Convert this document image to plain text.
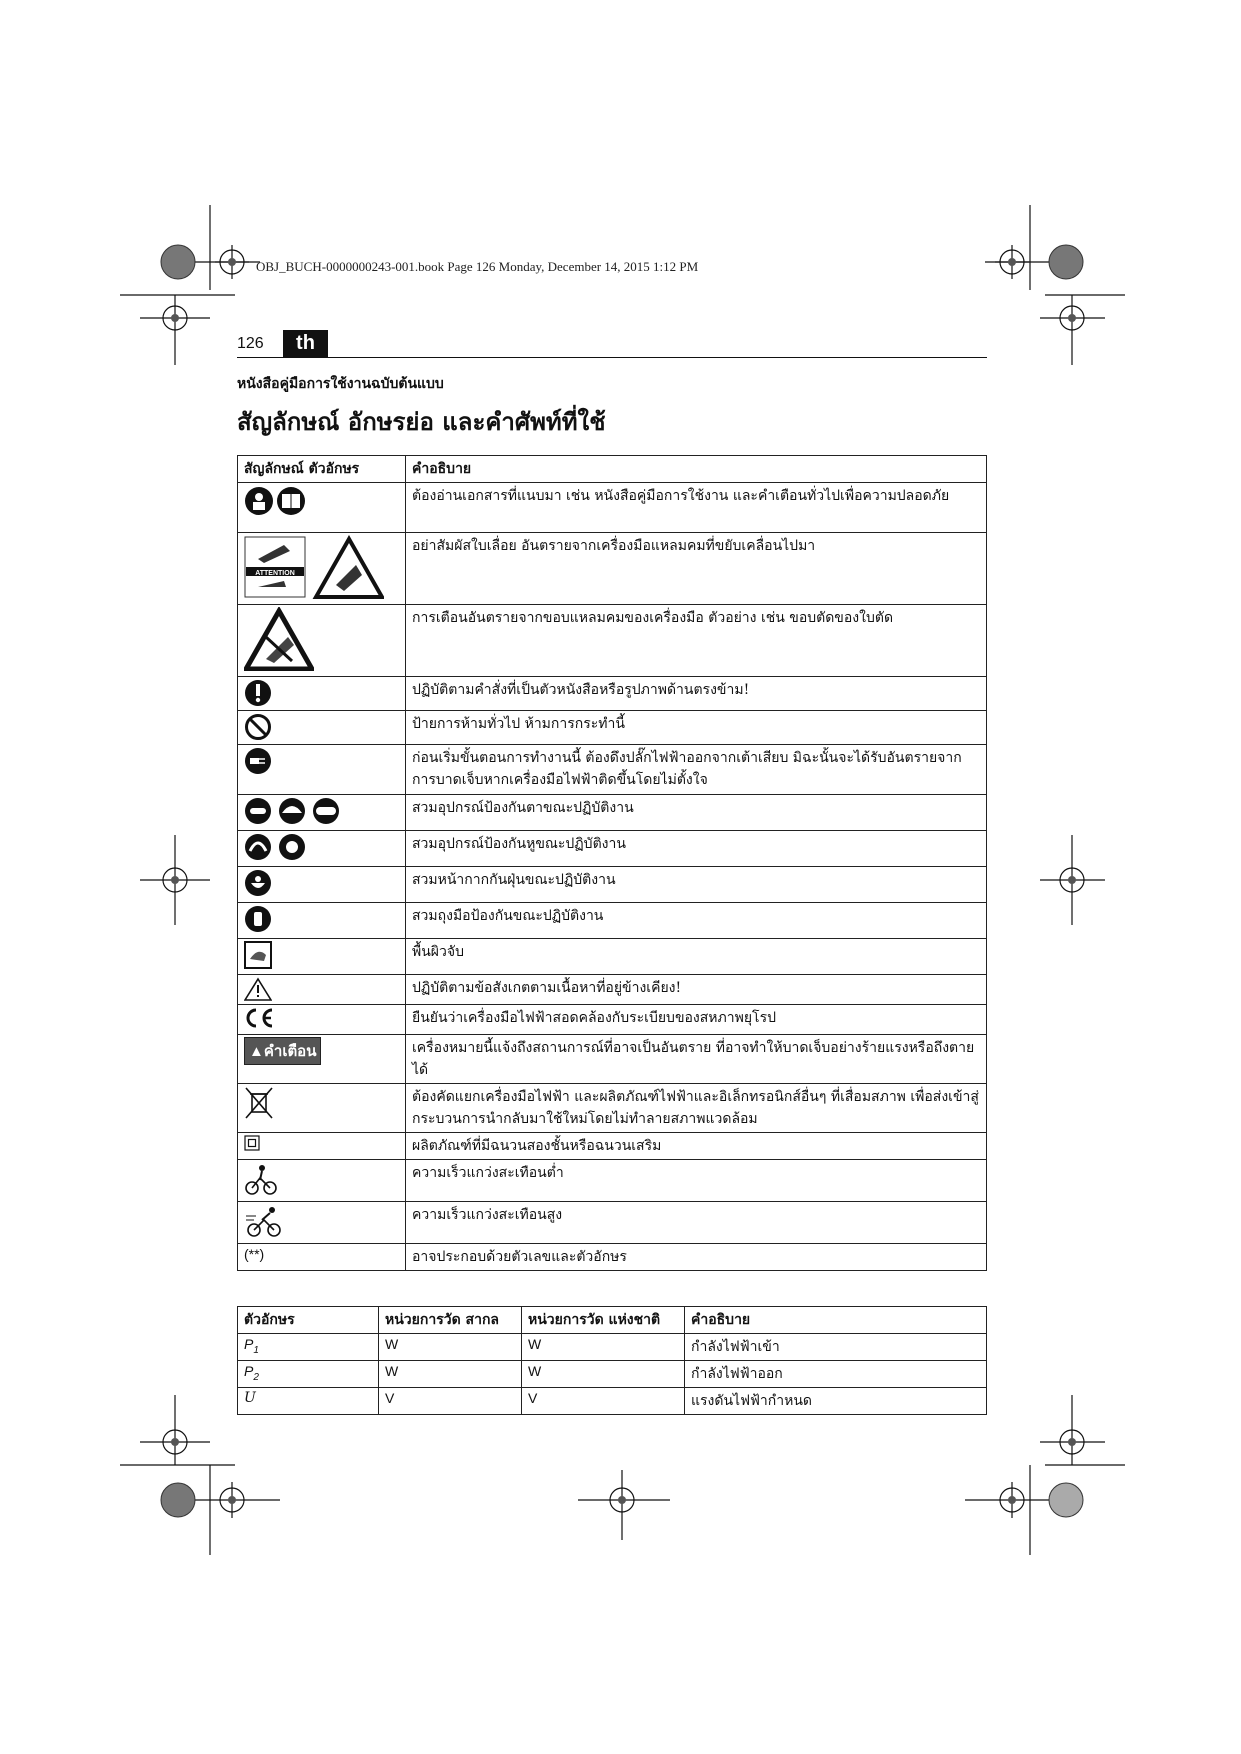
OBJ_BUCH-0000000243-001.book Page 126 Monday, December 14, 2015 1:12 PM
126	th
หนังสือคู่มือการใช้งานฉบับต้นแบบ
สัญลักษณ์ อักษรย่อ และคำศัพท์ที่ใช้
สัญลักษณ์ ตัวอักษร	คำอธิบาย

	ต้องอ่านเอกสารที่แนบมา เช่น หนังสือคู่มือการใช้งาน และคำเตือนทั่วไปเพื่อความปลอดภัย

ATTENTION	อย่าสัมผัสใบเลื่อย อันตรายจากเครื่องมือแหลมคมที่ขยับเคลื่อนไปมา

	การเตือนอันตรายจากขอบแหลมคมของเครื่องมือ ตัวอย่าง เช่น ขอบตัดของใบตัด

	ปฏิบัติตามคำสั่งที่เป็นตัวหนังสือหรือรูปภาพด้านตรงข้าม!

	ป้ายการห้ามทั่วไป ห้ามการกระทำนี้

	ก่อนเริ่มขั้นตอนการทำงานนี้ ต้องดึงปลั๊กไฟฟ้าออกจากเต้าเสียบ มิฉะนั้นจะได้รับอันตรายจากการบาดเจ็บหากเครื่องมือไฟฟ้าติดขึ้นโดยไม่ตั้งใจ

	สวมอุปกรณ์ป้องกันตาขณะปฏิบัติงาน

	สวมอุปกรณ์ป้องกันหูขณะปฏิบัติงาน

	สวมหน้ากากกันฝุ่นขณะปฏิบัติงาน

	สวมถุงมือป้องกันขณะปฏิบัติงาน

	พื้นผิวจับ

	ปฏิบัติตามข้อสังเกตตามเนื้อหาที่อยู่ข้างเคียง!

	ยืนยันว่าเครื่องมือไฟฟ้าสอดคล้องกับระเบียบของสหภาพยุโรป

▲ คำเตือน	เครื่องหมายนี้แจ้งถึงสถานการณ์ที่อาจเป็นอันตราย ที่อาจทำให้บาดเจ็บอย่างร้ายแรงหรือถึงตายได้

	ต้องคัดแยกเครื่องมือไฟฟ้า และผลิตภัณฑ์ไฟฟ้าและอิเล็กทรอนิกส์อื่นๆ ที่เสื่อมสภาพ เพื่อส่งเข้าสู่กระบวนการนำกลับมาใช้ใหม่โดยไม่ทำลายสภาพแวดล้อม

	ผลิตภัณฑ์ที่มีฉนวนสองชั้นหรือฉนวนเสริม

	ความเร็วแกว่งสะเทือนต่ำ

	ความเร็วแกว่งสะเทือนสูง
(**)	อาจประกอบด้วยตัวเลขและตัวอักษร
ตัวอักษร	หน่วยการวัด สากล	หน่วยการวัด แห่งชาติ	คำอธิบาย
$P_1$	W	W	กำลังไฟฟ้าเข้า
$P_2$	W	W	กำลังไฟฟ้าออก
U	V	V	แรงดันไฟฟ้ากำหนด
